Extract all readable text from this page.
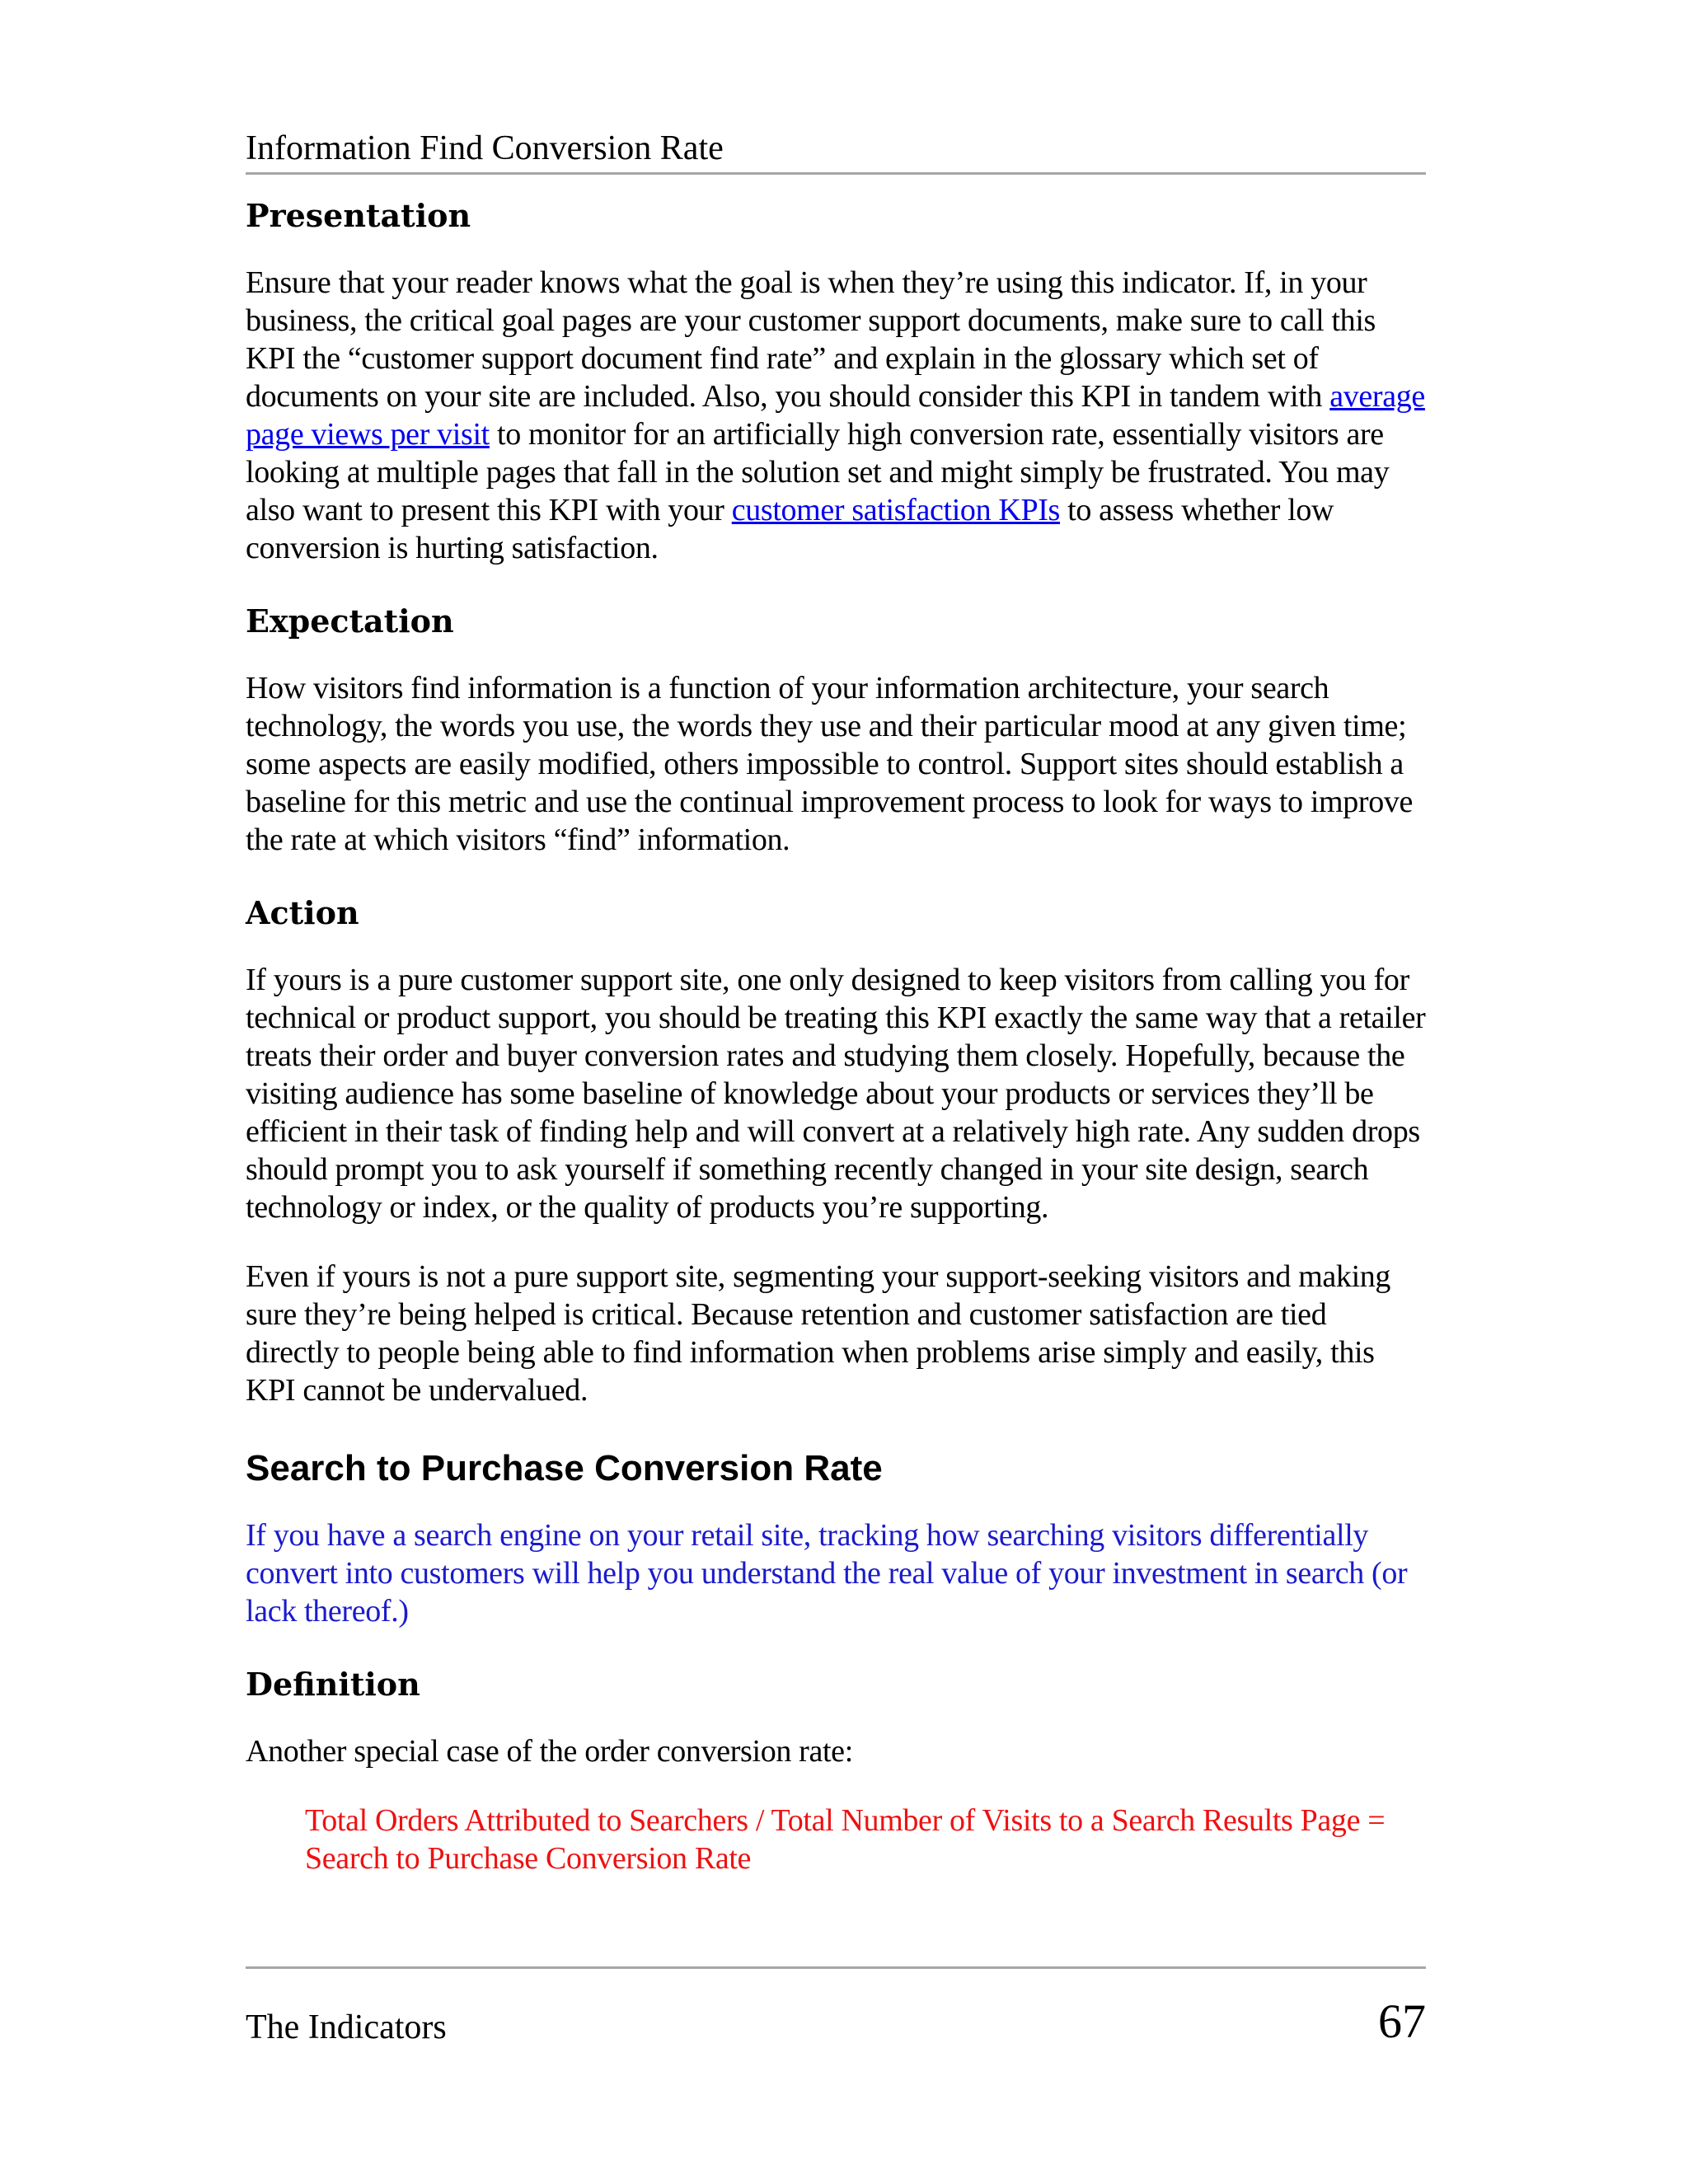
Information Find Conversion Rate
Presentation

Ensure that your reader knows what the goal is when they’re using this indicator. If, in your business, the critical goal pages are your customer support documents, make sure to call this KPI the “customer support document find rate” and explain in the glossary which set of documents on your site are included. Also, you should consider this KPI in tandem with average page views per visit to monitor for an artificially high conversion rate, essentially visitors are looking at multiple pages that fall in the solution set and might simply be frustrated. You may also want to present this KPI with your customer satisfaction KPIs to assess whether low conversion is hurting satisfaction.

Expectation

How visitors find information is a function of your information architecture, your search technology, the words you use, the words they use and their particular mood at any given time; some aspects are easily modified, others impossible to control. Support sites should establish a baseline for this metric and use the continual improvement process to look for ways to improve the rate at which visitors “find” information.

Action

If yours is a pure customer support site, one only designed to keep visitors from calling you for technical or product support, you should be treating this KPI exactly the same way that a retailer treats their order and buyer conversion rates and studying them closely. Hopefully, because the visiting audience has some baseline of knowledge about your products or services they’ll be efficient in their task of finding help and will convert at a relatively high rate. Any sudden drops should prompt you to ask yourself if something recently changed in your site design, search technology or index, or the quality of products you’re supporting.

Even if yours is not a pure support site, segmenting your support-seeking visitors and making sure they’re being helped is critical. Because retention and customer satisfaction are tied directly to people being able to find information when problems arise simply and easily, this KPI cannot be undervalued.

Search to Purchase Conversion Rate

If you have a search engine on your retail site, tracking how searching visitors differentially convert into customers will help you understand the real value of your investment in search (or lack thereof.)

Definition

Another special case of the order conversion rate:

Total Orders Attributed to Searchers / Total Number of Visits to a Search Results Page = Search to Purchase Conversion Rate

The Indicators	67
